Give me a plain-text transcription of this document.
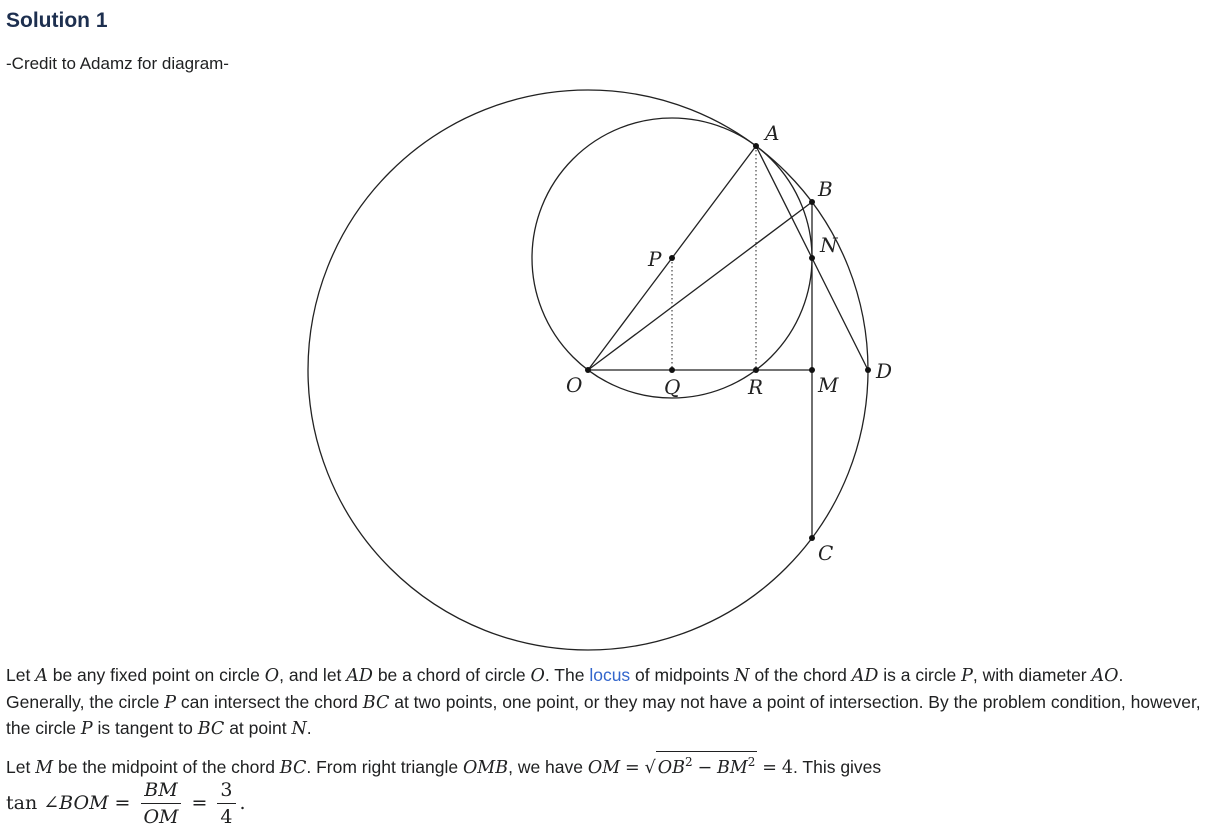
Solution 1
-Credit to Adamz for diagram-
A
B
N
P
D
O	Q	R	M
C

Let A be any fixed point on circle O, and let AD be a chord of circle O. The locus of midpoints N of the chord AD is a circle P, with diameter AO. Generally, the circle P can intersect the chord BC at two points, one point, or they may not have a point of intersection. By the problem condition, however, the circle P is tangent to BC at point N.

Let M be the midpoint of the chord BC. From right triangle OMB, we have OM = √ $OB^2 - BM^2 = 4$. This gives

tan
∠ BOM = $\frac{BM}{OM} = \frac{3}{4}$ .
